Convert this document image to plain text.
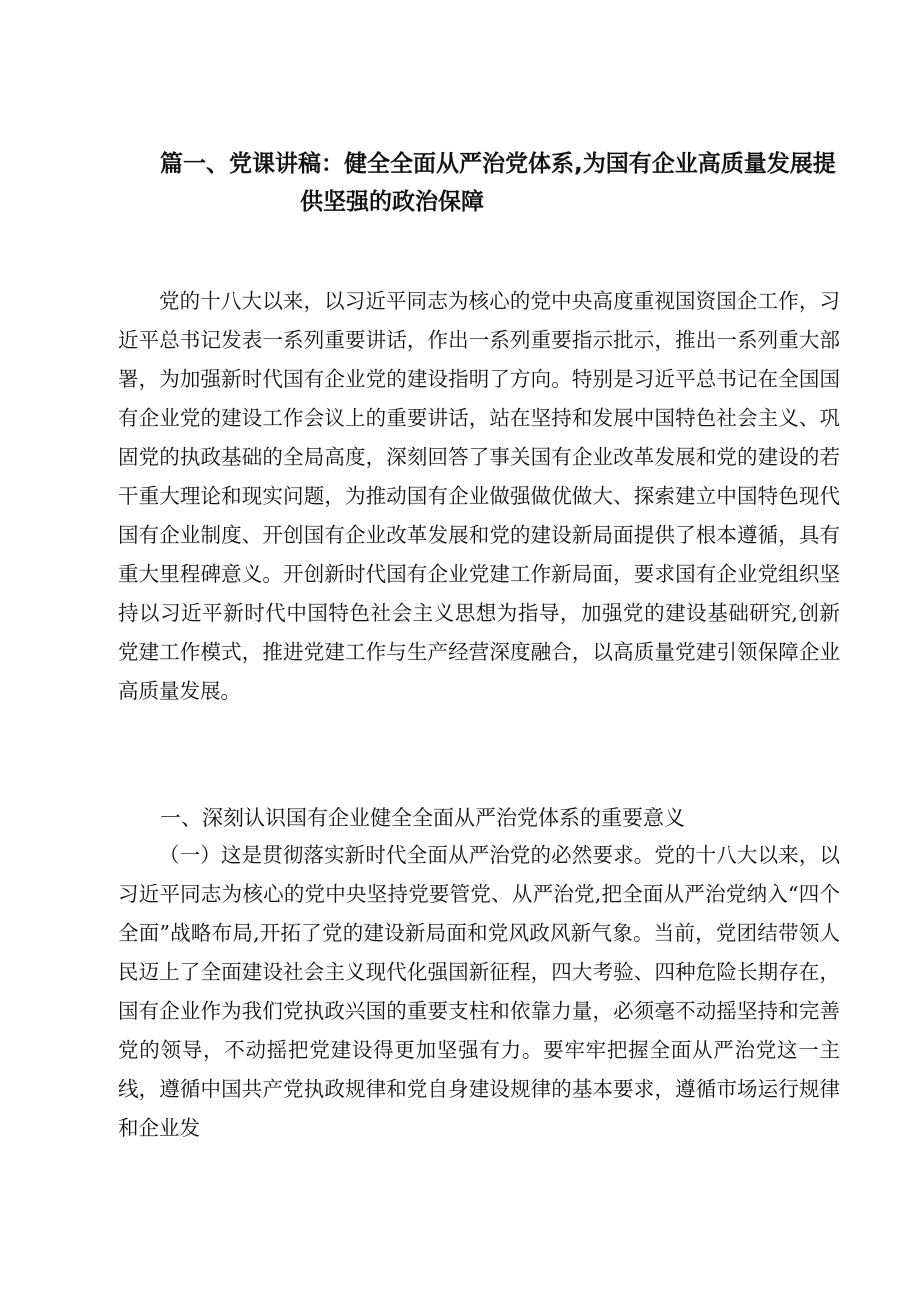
篇一、党课讲稿：健全全面从严治党体系,为国有企业高质量发展提
供坚强的政治保障

党的十八大以来，以习近平同志为核心的党中央高度重视国资国企工作，习近平总书记发表一系列重要讲话，作出一系列重要指示批示，推出一系列重大部署，为加强新时代国有企业党的建设指明了方向。特别是习近平总书记在全国国有企业党的建设工作会议上的重要讲话，站在坚持和发展中国特色社会主义、巩固党的执政基础的全局高度，深刻回答了事关国有企业改革发展和党的建设的若干重大理论和现实问题，为推动国有企业做强做优做大、探索建立中国特色现代国有企业制度、开创国有企业改革发展和党的建设新局面提供了根本遵循，具有重大里程碑意义。开创新时代国有企业党建工作新局面，要求国有企业党组织坚持以习近平新时代中国特色社会主义思想为指导，加强党的建设基础研究,创新党建工作模式，推进党建工作与生产经营深度融合，以高质量党建引领保障企业高质量发展。

一、深刻认识国有企业健全全面从严治党体系的重要意义

（一）这是贯彻落实新时代全面从严治党的必然要求。党的十八大以来，以习近平同志为核心的党中央坚持党要管党、从严治党,把全面从严治党纳入“四个全面”战略布局,开拓了党的建设新局面和党风政风新气象。当前，党团结带领人民迈上了全面建设社会主义现代化强国新征程，四大考验、四种危险长期存在，国有企业作为我们党执政兴国的重要支柱和依靠力量，必须毫不动摇坚持和完善党的领导，不动摇把党建设得更加坚强有力。要牢牢把握全面从严治党这一主线，遵循中国共产党执政规律和党自身建设规律的基本要求，遵循市场运行规律和企业发
